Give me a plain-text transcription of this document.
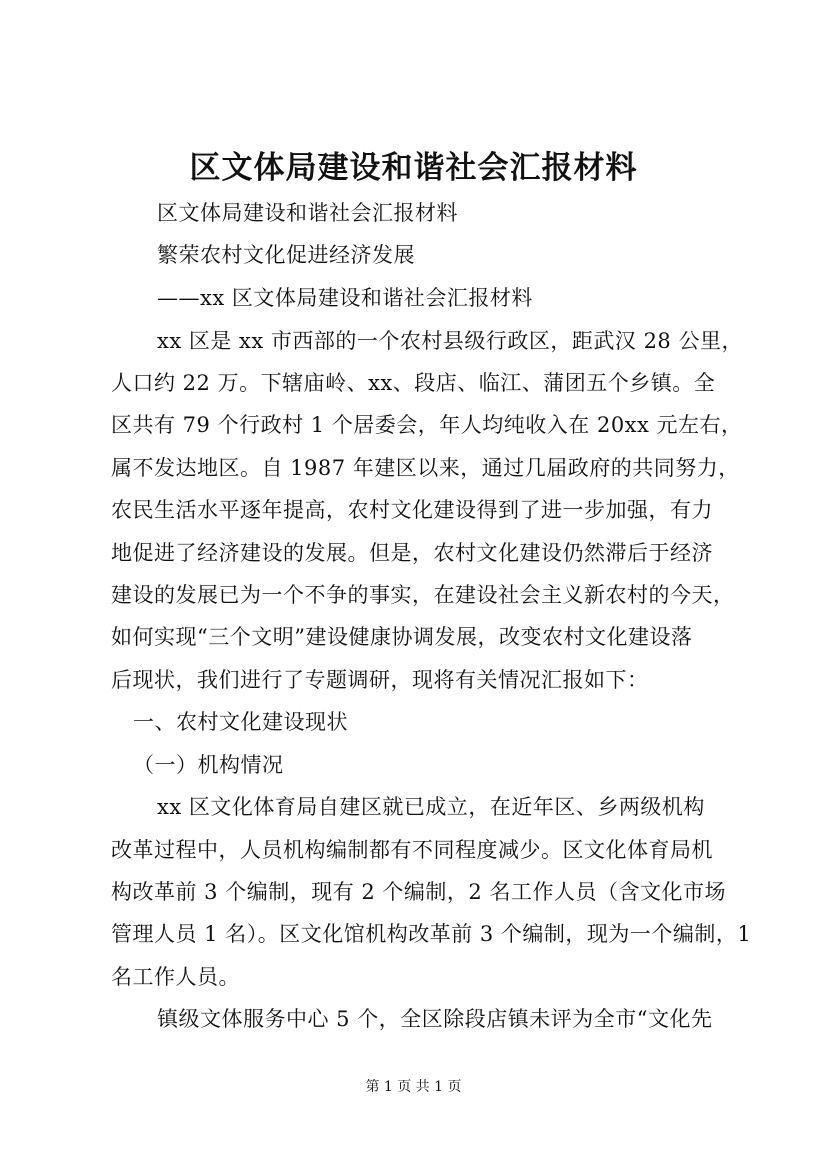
区文体局建设和谐社会汇报材料
区文体局建设和谐社会汇报材料
繁荣农村文化促进经济发展
——xx 区文体局建设和谐社会汇报材料
xx 区是 xx 市西部的一个农村县级行政区，距武汉 28 公里，
人口约 22 万。下辖庙岭、xx、段店、临江、蒲团五个乡镇。全
区共有 79 个行政村 1 个居委会，年人均纯收入在 20xx 元左右，
属不发达地区。自 1987 年建区以来，通过几届政府的共同努力，
农民生活水平逐年提高，农村文化建设得到了进一步加强，有力
地促进了经济建设的发展。但是，农村文化建设仍然滞后于经济
建设的发展已为一个不争的事实，在建设社会主义新农村的今天，
如何实现“三个文明”建设健康协调发展，改变农村文化建设落
后现状，我们进行了专题调研，现将有关情况汇报如下：
一、农村文化建设现状
（一）机构情况
xx 区文化体育局自建区就已成立，在近年区、乡两级机构
改革过程中，人员机构编制都有不同程度减少。区文化体育局机
构改革前 3 个编制，现有 2 个编制，2 名工作人员（含文化市场
管理人员 1 名）。区文化馆机构改革前 3 个编制，现为一个编制，1
名工作人员。
镇级文体服务中心 5 个，全区除段店镇未评为全市“文化先
第 1 页 共 1 页
